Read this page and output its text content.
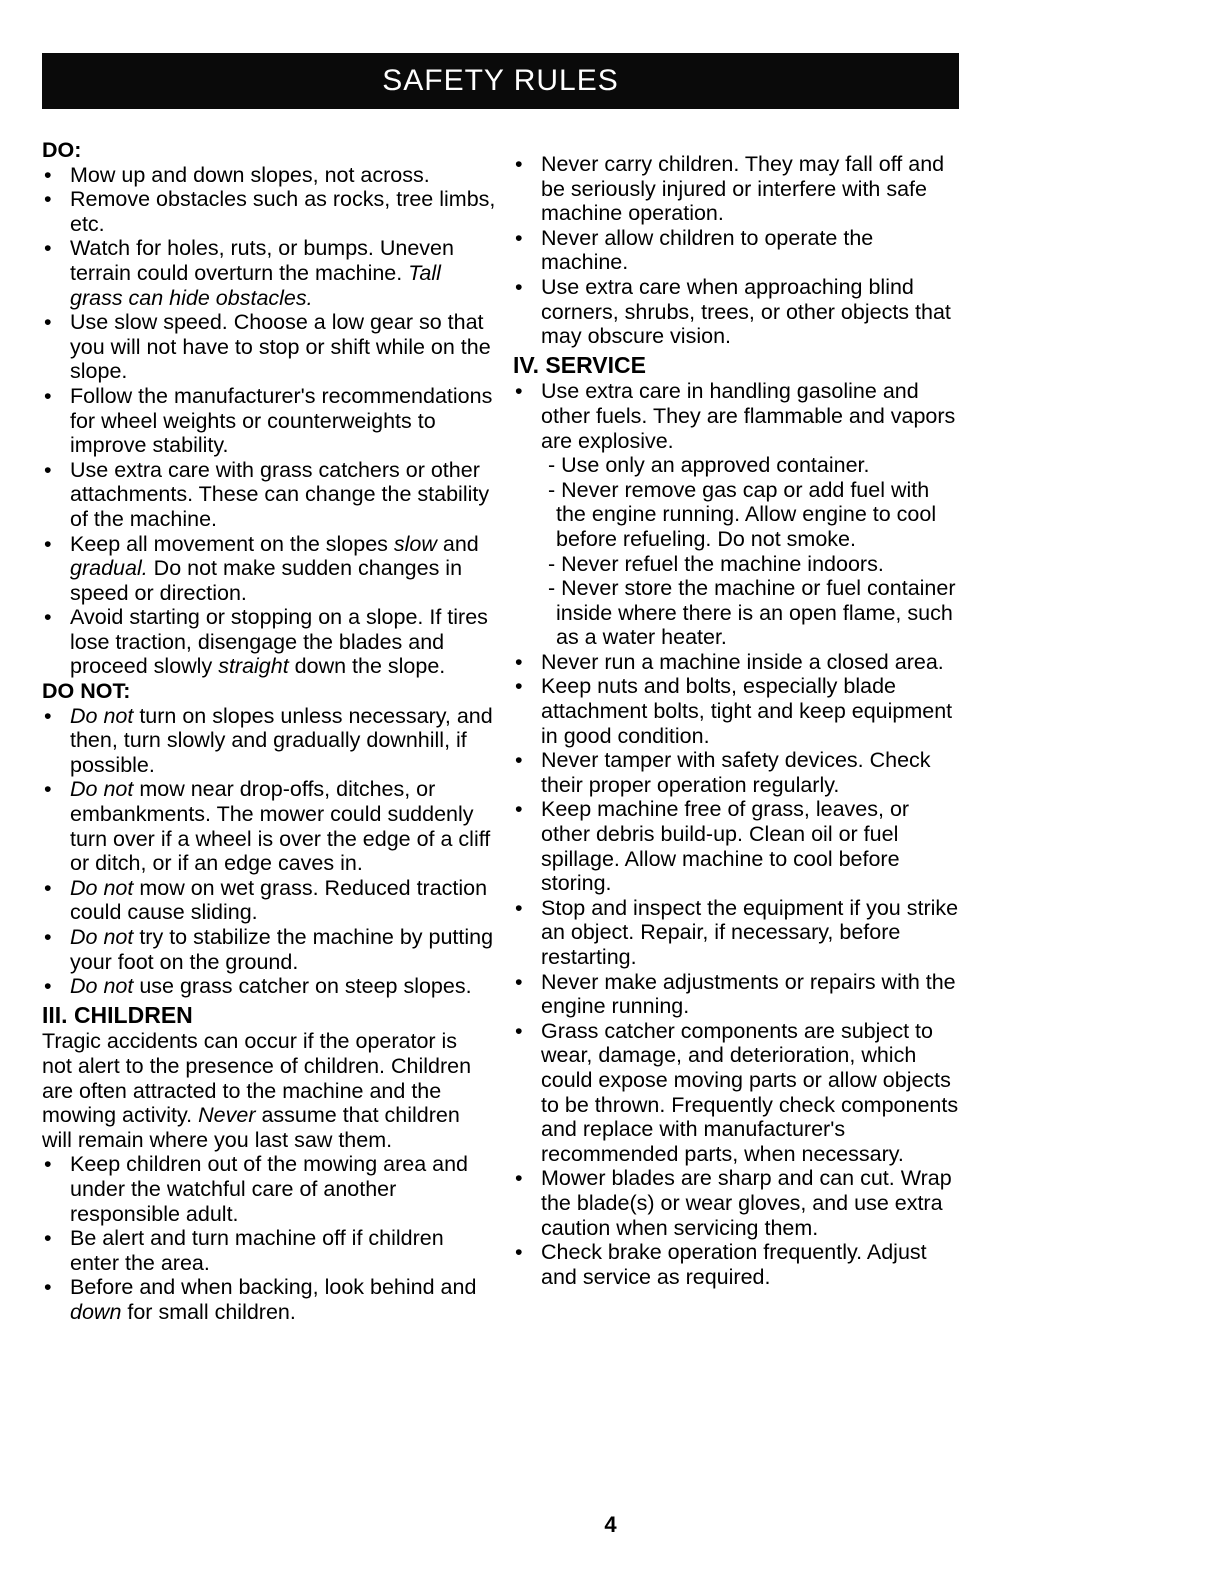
SAFETY RULES
DO:
• Mow up and down slopes, not across.
• Remove obstacles such as rocks, tree limbs, etc.
• Watch for holes, ruts, or bumps. Uneven terrain could overturn the machine. Tall grass can hide obstacles.
• Use slow speed. Choose a low gear so that you will not have to stop or shift while on the slope.
• Follow the manufacturer's recommendations for wheel weights or counterweights to improve stability.
• Use extra care with grass catchers or other attachments. These can change the stability of the machine.
• Keep all movement on the slopes slow and gradual. Do not make sudden changes in speed or direction.
• Avoid starting or stopping on a slope. If tires lose traction, disengage the blades and proceed slowly straight down the slope.
DO NOT:
• Do not turn on slopes unless necessary, and then, turn slowly and gradually downhill, if possible.
• Do not mow near drop-offs, ditches, or embankments. The mower could suddenly turn over if a wheel is over the edge of a cliff or ditch, or if an edge caves in.
• Do not mow on wet grass. Reduced traction could cause sliding.
• Do not try to stabilize the machine by putting your foot on the ground.
• Do not use grass catcher on steep slopes.
III. CHILDREN

Tragic accidents can occur if the operator is not alert to the presence of children. Children are often attracted to the machine and the mowing activity. Never assume that children will remain where you last saw them.

• Keep children out of the mowing area and under the watchful care of another responsible adult.
• Be alert and turn machine off if children enter the area.
• Before and when backing, look behind and down for small children.
• Never carry children. They may fall off and be seriously injured or interfere with safe machine operation.
• Never allow children to operate the machine.
• Use extra care when approaching blind corners, shrubs, trees, or other objects that may obscure vision.
IV. SERVICE
• Use extra care in handling gasoline and other fuels. They are flammable and vapors are explosive.
- Use only an approved container.
- Never remove gas cap or add fuel with the engine running. Allow engine to cool before refueling. Do not smoke.
- Never refuel the machine indoors.
- Never store the machine or fuel container inside where there is an open flame, such as a water heater.
• Never run a machine inside a closed area.
• Keep nuts and bolts, especially blade attachment bolts, tight and keep equipment in good condition.
• Never tamper with safety devices. Check their proper operation regularly.
• Keep machine free of grass, leaves, or other debris build-up. Clean oil or fuel spillage. Allow machine to cool before storing.
• Stop and inspect the equipment if you strike an object. Repair, if necessary, before restarting.
• Never make adjustments or repairs with the engine running.
• Grass catcher components are subject to wear, damage, and deterioration, which could expose moving parts or allow objects to be thrown. Frequently check components and replace with manufacturer's recommended parts, when necessary.
• Mower blades are sharp and can cut. Wrap the blade(s) or wear gloves, and use extra caution when servicing them.
• Check brake operation frequently. Adjust and service as required.
4
